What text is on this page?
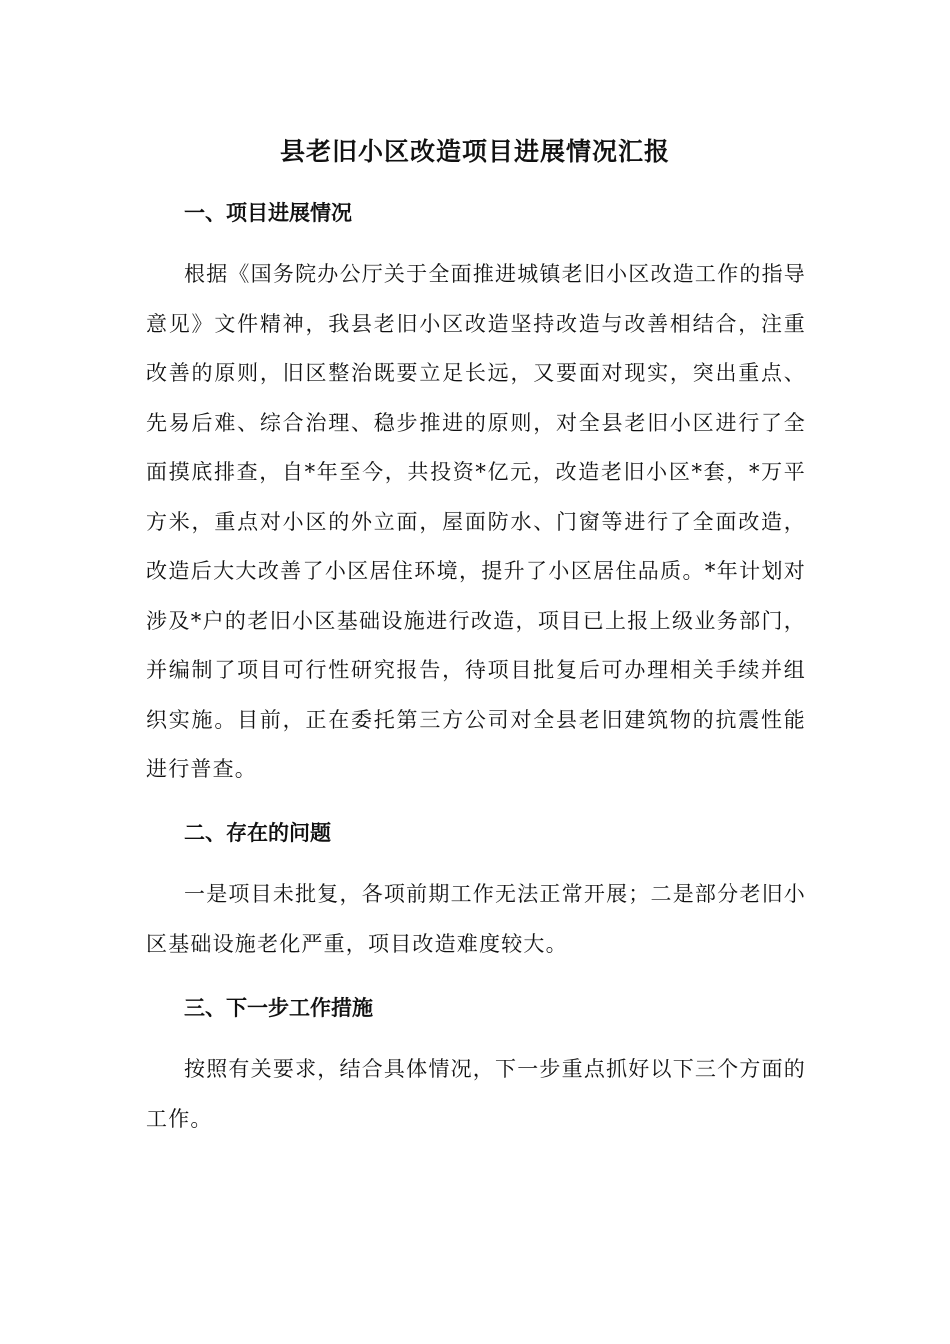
县老旧小区改造项目进展情况汇报
一、项目进展情况
根据《国务院办公厅关于全面推进城镇老旧小区改造工作的指导意见》文件精神，我县老旧小区改造坚持改造与改善相结合，注重改善的原则，旧区整治既要立足长远，又要面对现实，突出重点、先易后难、综合治理、稳步推进的原则，对全县老旧小区进行了全面摸底排查，自*年至今，共投资*亿元，改造老旧小区*套，*万平方米，重点对小区的外立面，屋面防水、门窗等进行了全面改造，改造后大大改善了小区居住环境，提升了小区居住品质。*年计划对涉及*户的老旧小区基础设施进行改造，项目已上报上级业务部门，并编制了项目可行性研究报告，待项目批复后可办理相关手续并组织实施。目前，正在委托第三方公司对全县老旧建筑物的抗震性能进行普查。
二、存在的问题
一是项目未批复，各项前期工作无法正常开展；二是部分老旧小区基础设施老化严重，项目改造难度较大。
三、下一步工作措施
按照有关要求，结合具体情况，下一步重点抓好以下三个方面的工作。
